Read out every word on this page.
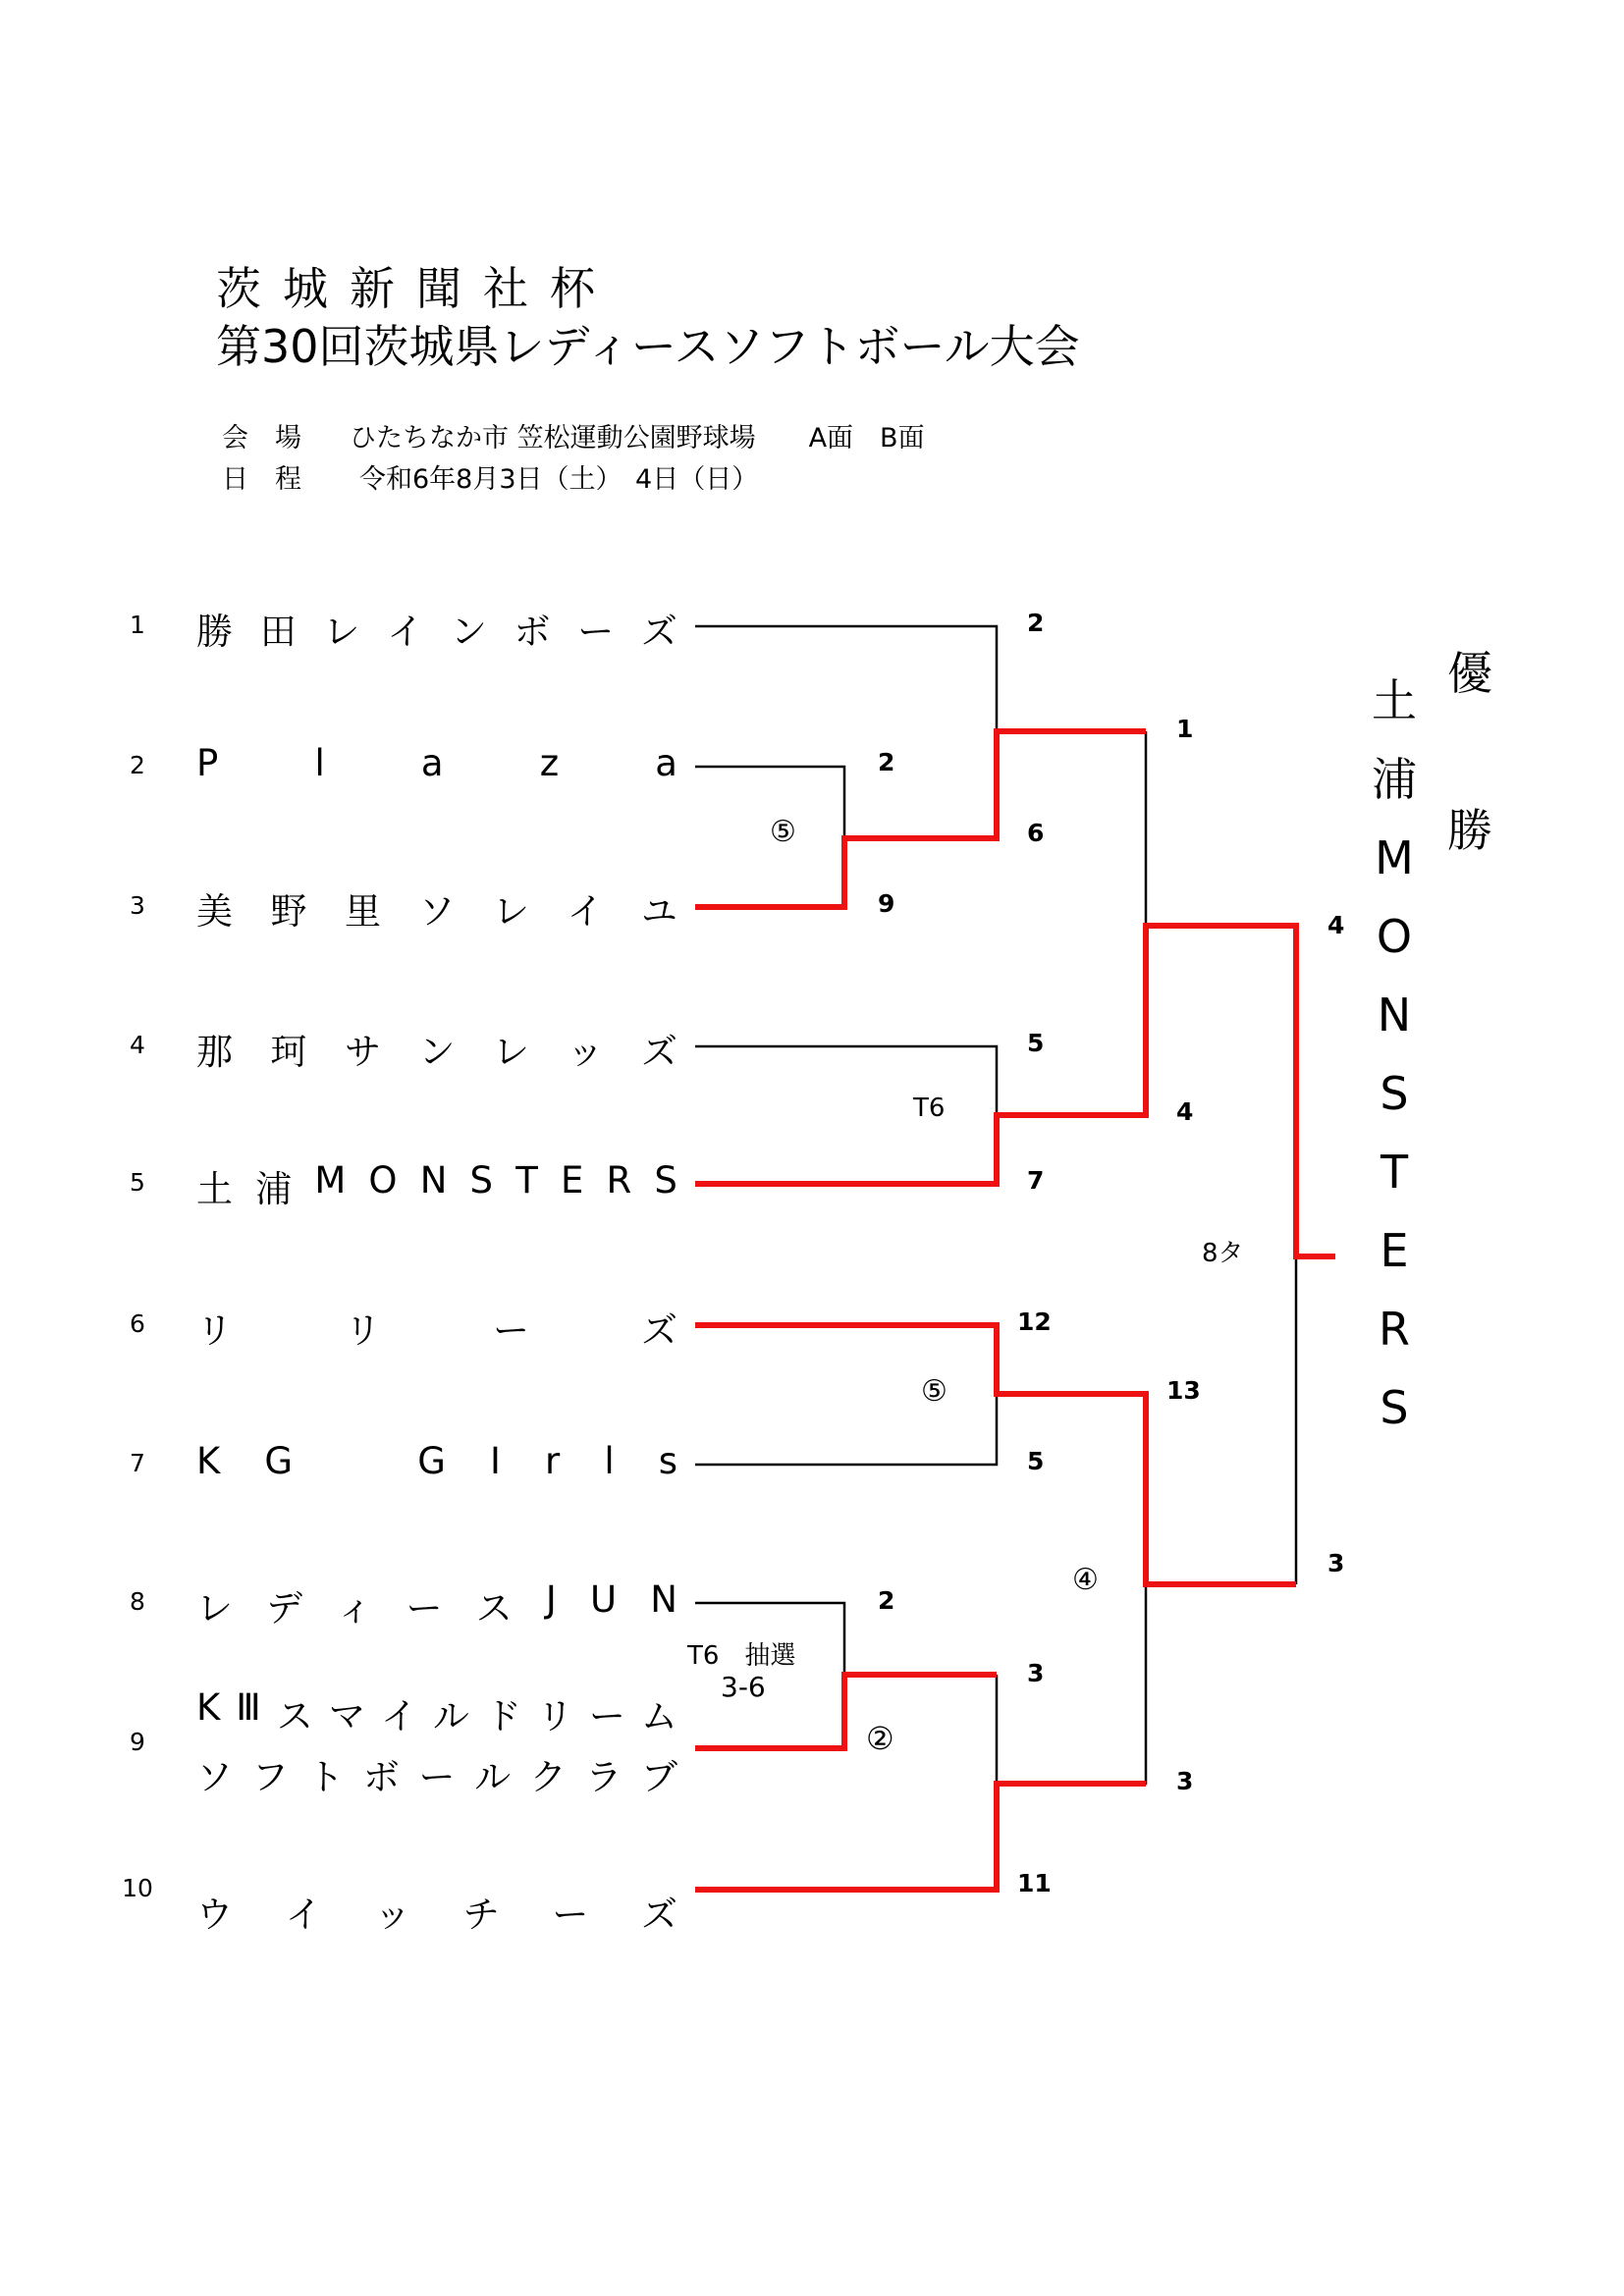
茨城新聞社杯
第30回茨城県レディースソフトボール大会
会　場 ひたちなか市 笠松運動公園野球場　　A面　B面
日　程 令和6年8月3日（土）　4日（日）
1
2
3
4
5
6
7
8
9
10
勝 田 レ イ ン ボ ー ズ
P	l	a	z	a
美 野 里 ソ レ イ ユ
那 珂 サ ン レ ッ ズ
土 浦 M O N S T E R S
リ	リ	ー	ズ
K G
　	G I r l s
レ デ ィ ー ス J U N
K Ⅲ ス マ イ ル ド リ ー ム
ソ フ ト ボ ー ル ク ラ ブ
ウ イ ッ チ ー ズ
2
9
2
2
6
5
7
12
5
3
11
1
4
13
3
4
3
⑤
T6
⑤
T6　抽選
3-6
②
④
8タ
優
勝
土
浦
M
O
N
S
T
E
R
S
